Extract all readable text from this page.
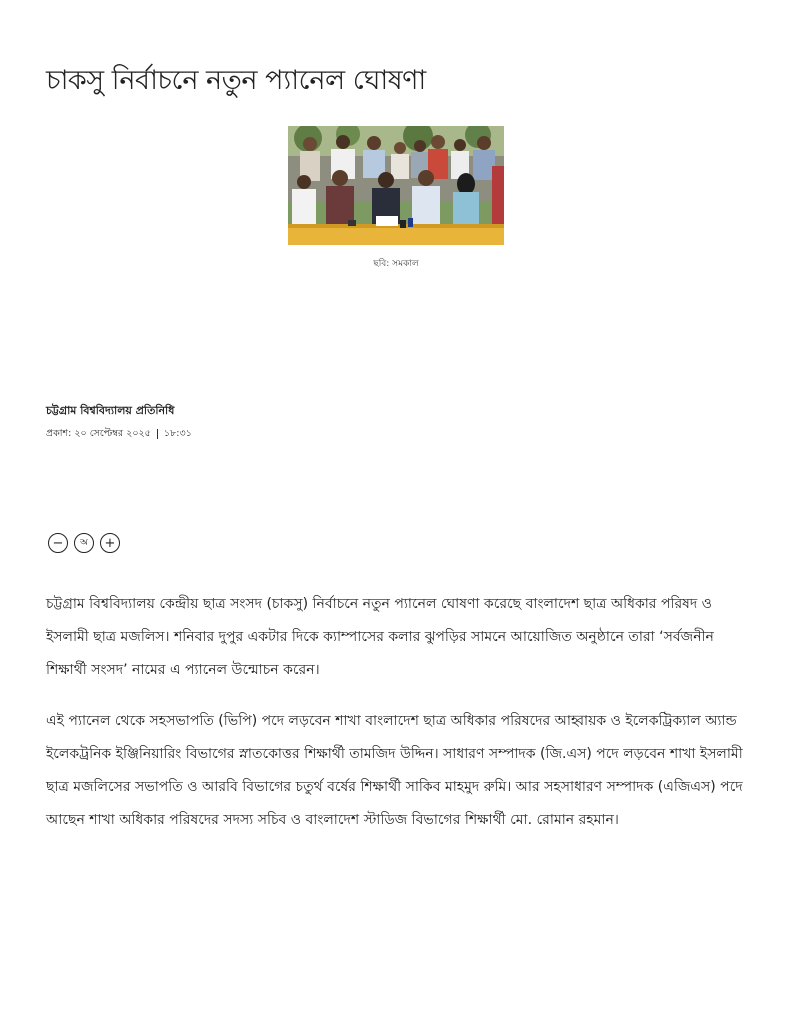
চাকসু নির্বাচনে নতুন প্যানেল ঘোষণা
ছবি: সমকাল
চট্টগ্রাম বিশ্ববিদ্যালয় প্রতিনিধি
প্রকাশ: ২০ সেপ্টেম্বর ২০২৫ ১৮:৩১
−	অ	+

চট্টগ্রাম বিশ্ববিদ্যালয় কেন্দ্রীয় ছাত্র সংসদ (চাকসু) নির্বাচনে নতুন প্যানেল ঘোষণা করেছে বাংলাদেশ ছাত্র অধিকার পরিষদ ও ইসলামী ছাত্র মজলিস। শনিবার দুপুর একটার দিকে ক্যাম্পাসের কলার ঝুপড়ির সামনে আয়োজিত অনুষ্ঠানে তারা ‘সর্বজনীন শিক্ষার্থী সংসদ’ নামের এ প্যানেল উন্মোচন করেন।

এই প্যানেল থেকে সহসভাপতি (ভিপি) পদে লড়বেন শাখা বাংলাদেশ ছাত্র অধিকার পরিষদের আহ্বায়ক ও ইলেকট্রিক্যাল অ্যান্ড ইলেকট্রনিক ইঞ্জিনিয়ারিং বিভাগের স্নাতকোত্তর শিক্ষার্থী তামজিদ উদ্দিন। সাধারণ সম্পাদক (জি.এস) পদে লড়বেন শাখা ইসলামী ছাত্র মজলিসের সভাপতি ও আরবি বিভাগের চতুর্থ বর্ষের শিক্ষার্থী সাকিব মাহমুদ রুমি। আর সহসাধারণ সম্পাদক (এজিএস) পদে আছেন শাখা অধিকার পরিষদের সদস্য সচিব ও বাংলাদেশ স্টাডিজ বিভাগের শিক্ষার্থী মো. রোমান রহমান।
